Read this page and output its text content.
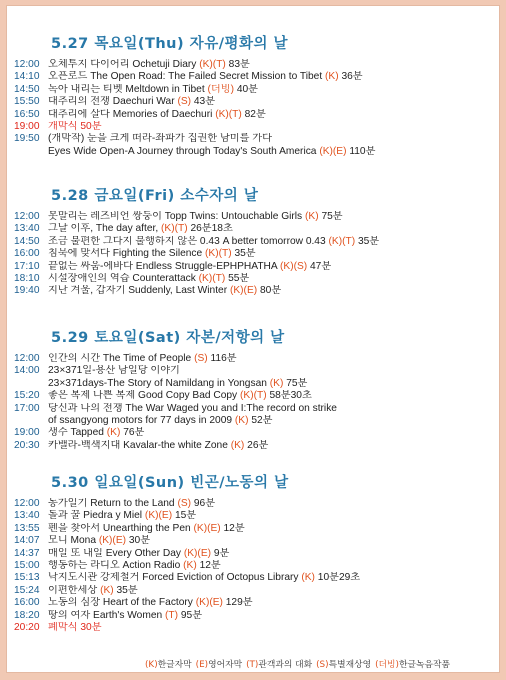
5.27 목요일(Thu) 자유/평화의 날
12:00 오체투지 다이어리 Ochetuji Diary (K)(T) 83분
14:10 오픈로드 The Open Road: The Failed Secret Mission to Tibet (K) 36분
14:50 녹아 내리는 티벳 Meltdown in Tibet (더빙) 40분
15:50 대추리의 전쟁 Daechuri War (S) 43분
16:50 대추리에 살다 Memories of Daechuri (K)(T) 82분
19:00 개막식 50분
19:50 (개막작) 눈을 크게 떠라-좌파가 집권한 남미를 가다
Eyes Wide Open-A Journey through Today's South America (K)(E) 110분
5.28 금요일(Fri) 소수자의 날
12:00 못말리는 레즈비언 쌍둥이 Topp Twins: Untouchable Girls (K) 75분
13:40 그날 이후, The day after, (K)(T) 26분18초
14:50 조금 불편한 그다지 불행하지 않은 0.43 A better tomorrow 0.43 (K)(T) 35분
16:00 침묵에 맞서다 Fighting the Silence (K)(T) 35분
17:10 끝없는 싸움-에바다 Endless Struggle-EPHPHATHA (K)(S) 47분
18:10 시설장애인의 역습 Counterattack (K)(T) 55분
19:40 지난 겨울, 갑자기 Suddenly, Last Winter (K)(E) 80분
5.29 토요일(Sat) 자본/저항의 날
12:00 인간의 시간 The Time of People (S) 116분
14:00 23×371일-용산 남일당 이야기
23×371days-The Story of Namildang in Yongsan (K) 75분
15:20 좋은 복제 나쁜 복제 Good Copy Bad Copy (K)(T) 58분30초
17:00 당신과 나의 전쟁 The War Waged you and I:The record on strike
of ssangyong motors for 77 days in 2009 (K) 52분
19:00 생수 Tapped (K) 76분
20:30 카밸라-백색지대 Kavalar-the white Zone (K) 26분
5.30 일요일(Sun) 빈곤/노동의 날
12:00 농가일기 Return to the Land (S) 96분
13:40 돌과 꿀 Piedra y Miel (K)(E) 15분
13:55 펜을 찾아서 Unearthing the Pen (K)(E) 12분
14:07 모니 Mona (K)(E) 30분
14:37 매일 또 내일 Every Other Day (K)(E) 9분
15:00 행동하는 라디오 Action Radio (K) 12분
15:13 낙지도시관 강제철거 Forced Eviction of Octopus Library (K) 10분29초
15:24 이편한세상 (K) 35분
16:00 노동의 심장 Heart of the Factory (K)(E) 129분
18:20 땅의 여자 Earth's Women (T) 95분
20:20 폐막식 30분
(K)한글자막 (E)영어자막 (T)관객과의 대화 (S)특별재상영 (더빙)한글녹음작품
